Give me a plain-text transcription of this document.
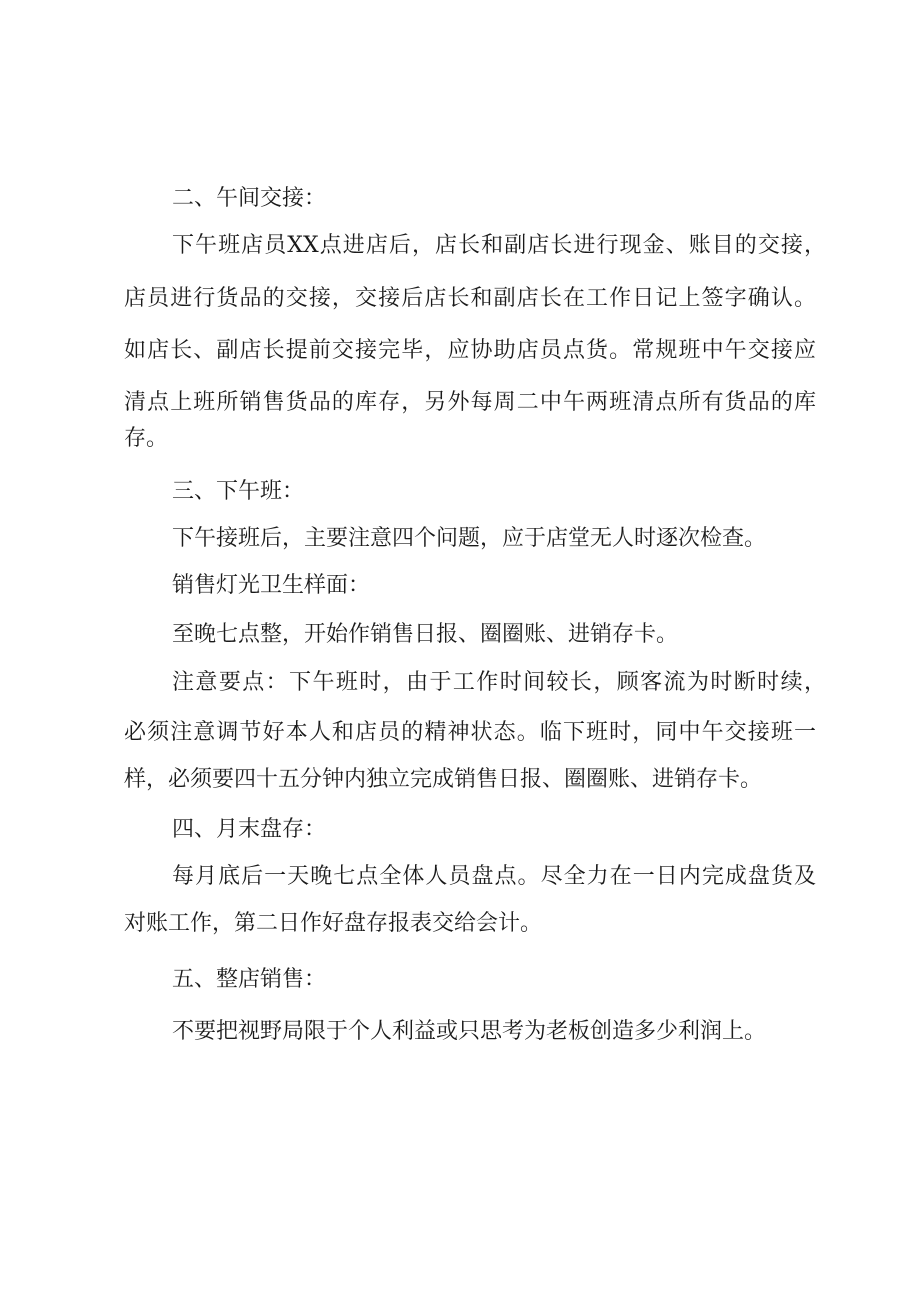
二、午间交接：
下午班店员XX点进店后，店长和副店长进行现金、账目的交接，
店员进行货品的交接，交接后店长和副店长在工作日记上签字确认。
如店长、副店长提前交接完毕，应协助店员点货。常规班中午交接应
清点上班所销售货品的库存，另外每周二中午两班清点所有货品的库
存。
三、下午班：
下午接班后，主要注意四个问题，应于店堂无人时逐次检查。
销售灯光卫生样面：
至晚七点整，开始作销售日报、圈圈账、进销存卡。
注意要点：下午班时，由于工作时间较长，顾客流为时断时续，
必须注意调节好本人和店员的精神状态。临下班时，同中午交接班一
样，必须要四十五分钟内独立完成销售日报、圈圈账、进销存卡。
四、月末盘存：
每月底后一天晚七点全体人员盘点。尽全力在一日内完成盘货及
对账工作，第二日作好盘存报表交给会计。
五、整店销售：
不要把视野局限于个人利益或只思考为老板创造多少利润上。
